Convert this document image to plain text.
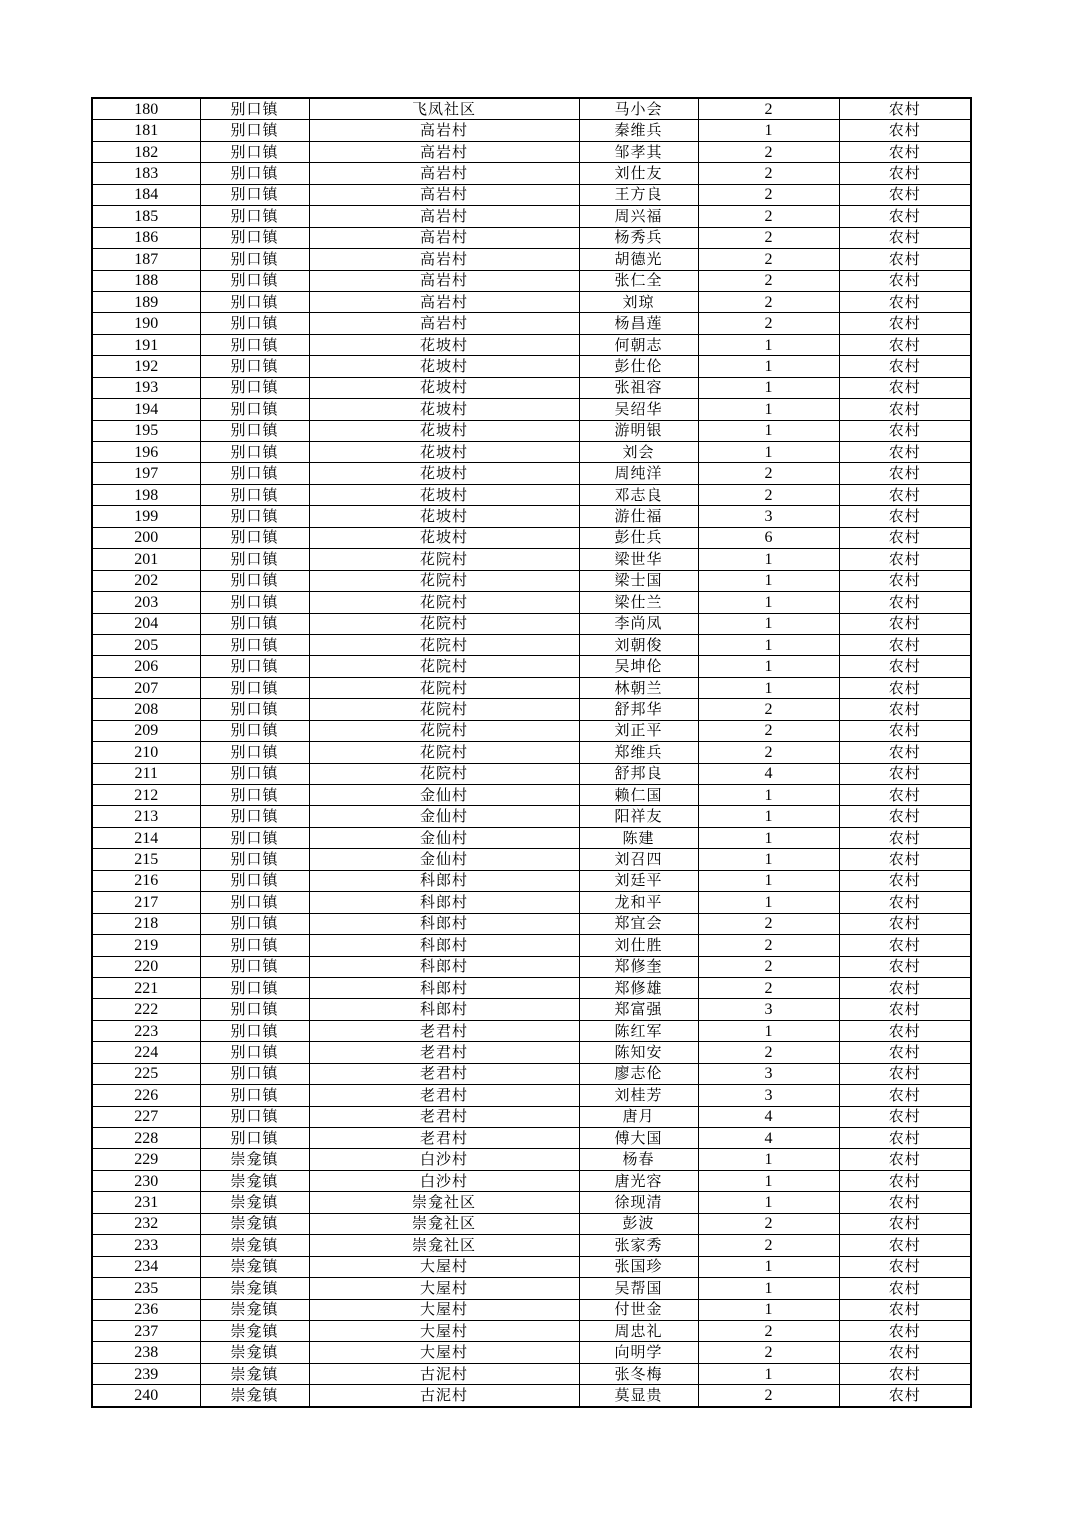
180	别口镇	飞凤社区	马小会	2	农村
181	别口镇	高岩村	秦维兵	1	农村
182	别口镇	高岩村	邹孝其	2	农村
183	别口镇	高岩村	刘仕友	2	农村
184	别口镇	高岩村	王方良	2	农村
185	别口镇	高岩村	周兴福	2	农村
186	别口镇	高岩村	杨秀兵	2	农村
187	别口镇	高岩村	胡德光	2	农村
188	别口镇	高岩村	张仁全	2	农村
189	别口镇	高岩村	刘琼	2	农村
190	别口镇	高岩村	杨昌莲	2	农村
191	别口镇	花坡村	何朝志	1	农村
192	别口镇	花坡村	彭仕伦	1	农村
193	别口镇	花坡村	张祖容	1	农村
194	别口镇	花坡村	吴绍华	1	农村
195	别口镇	花坡村	游明银	1	农村
196	别口镇	花坡村	刘会	1	农村
197	别口镇	花坡村	周纯洋	2	农村
198	别口镇	花坡村	邓志良	2	农村
199	别口镇	花坡村	游仕福	3	农村
200	别口镇	花坡村	彭仕兵	6	农村
201	别口镇	花院村	梁世华	1	农村
202	别口镇	花院村	梁士国	1	农村
203	别口镇	花院村	梁仕兰	1	农村
204	别口镇	花院村	李尚凤	1	农村
205	别口镇	花院村	刘朝俊	1	农村
206	别口镇	花院村	吴坤伦	1	农村
207	别口镇	花院村	林朝兰	1	农村
208	别口镇	花院村	舒邦华	2	农村
209	别口镇	花院村	刘正平	2	农村
210	别口镇	花院村	郑维兵	2	农村
211	别口镇	花院村	舒邦良	4	农村
212	别口镇	金仙村	赖仁国	1	农村
213	别口镇	金仙村	阳祥友	1	农村
214	别口镇	金仙村	陈建	1	农村
215	别口镇	金仙村	刘召四	1	农村
216	别口镇	科郎村	刘廷平	1	农村
217	别口镇	科郎村	龙和平	1	农村
218	别口镇	科郎村	郑宜会	2	农村
219	别口镇	科郎村	刘仕胜	2	农村
220	别口镇	科郎村	郑修奎	2	农村
221	别口镇	科郎村	郑修雄	2	农村
222	别口镇	科郎村	郑富强	3	农村
223	别口镇	老君村	陈红军	1	农村
224	别口镇	老君村	陈知安	2	农村
225	别口镇	老君村	廖志伦	3	农村
226	别口镇	老君村	刘桂芳	3	农村
227	别口镇	老君村	唐月	4	农村
228	别口镇	老君村	傅大国	4	农村
229	崇龛镇	白沙村	杨春	1	农村
230	崇龛镇	白沙村	唐光容	1	农村
231	崇龛镇	崇龛社区	徐现清	1	农村
232	崇龛镇	崇龛社区	彭波	2	农村
233	崇龛镇	崇龛社区	张家秀	2	农村
234	崇龛镇	大屋村	张国珍	1	农村
235	崇龛镇	大屋村	吴帮国	1	农村
236	崇龛镇	大屋村	付世金	1	农村
237	崇龛镇	大屋村	周忠礼	2	农村
238	崇龛镇	大屋村	向明学	2	农村
239	崇龛镇	古泥村	张冬梅	1	农村
240	崇龛镇	古泥村	莫显贵	2	农村
